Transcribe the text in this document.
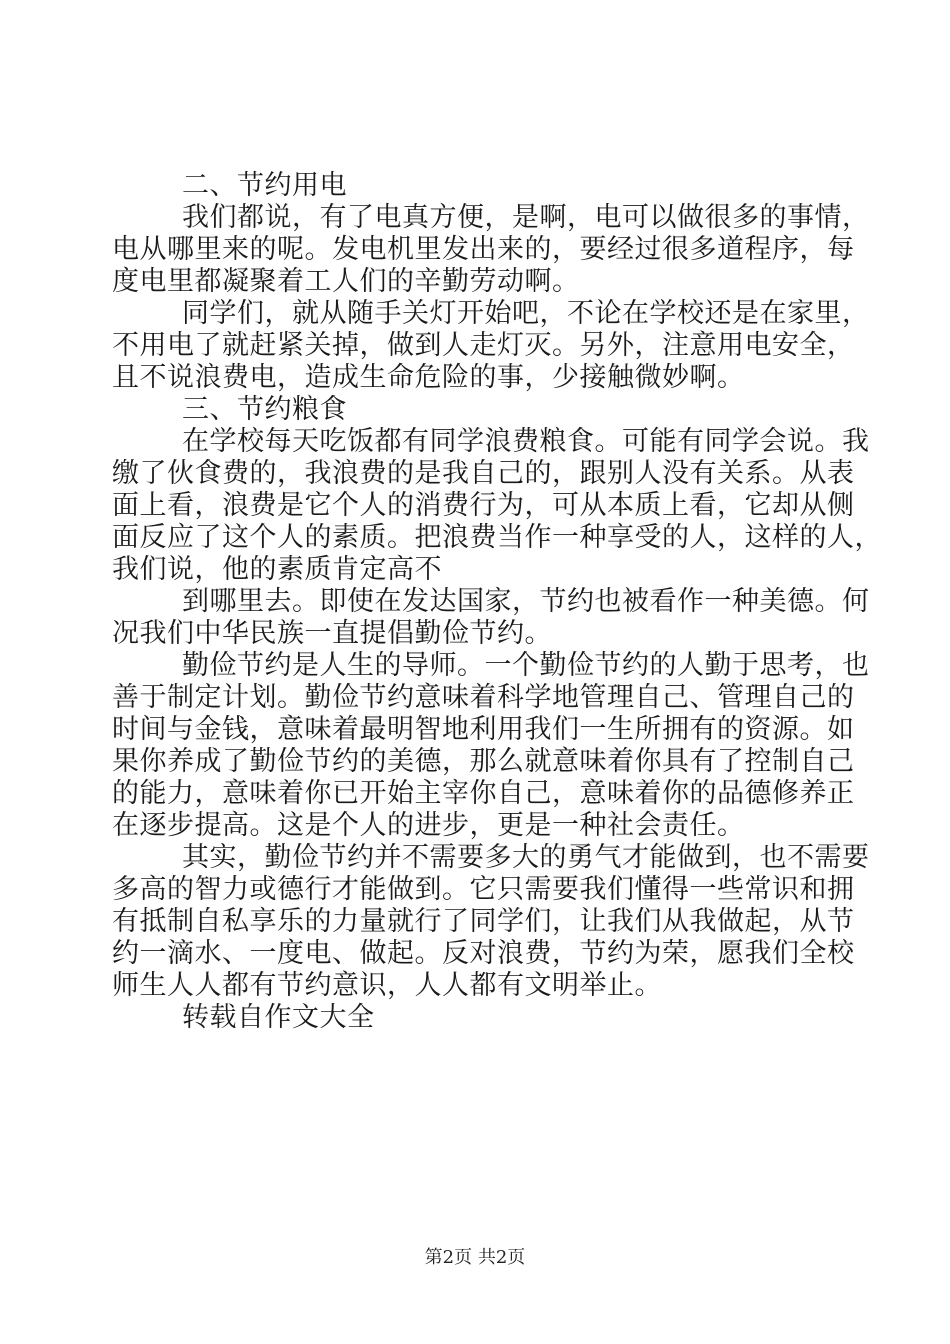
二、节约用电
我们都说，有了电真方便，是啊，电可以做很多的事情，
电从哪里来的呢。发电机里发出来的，要经过很多道程序，每
度电里都凝聚着工人们的辛勤劳动啊。
同学们，就从随手关灯开始吧，不论在学校还是在家里，
不用电了就赶紧关掉，做到人走灯灭。另外，注意用电安全，
且不说浪费电，造成生命危险的事，少接触微妙啊。
三、节约粮食
在学校每天吃饭都有同学浪费粮食。可能有同学会说。我
缴了伙食费的，我浪费的是我自己的，跟别人没有关系。从表
面上看，浪费是它个人的消费行为，可从本质上看，它却从侧
面反应了这个人的素质。把浪费当作一种享受的人，这样的人，
我们说，他的素质肯定高不
到哪里去。即使在发达国家，节约也被看作一种美德。何
况我们中华民族一直提倡勤俭节约。
勤俭节约是人生的导师。一个勤俭节约的人勤于思考，也
善于制定计划。勤俭节约意味着科学地管理自己、管理自己的
时间与金钱，意味着最明智地利用我们一生所拥有的资源。如
果你养成了勤俭节约的美德，那么就意味着你具有了控制自己
的能力，意味着你已开始主宰你自己，意味着你的品德修养正
在逐步提高。这是个人的进步，更是一种社会责任。
其实，勤俭节约并不需要多大的勇气才能做到，也不需要
多高的智力或德行才能做到。它只需要我们懂得一些常识和拥
有抵制自私享乐的力量就行了同学们，让我们从我做起，从节
约一滴水、一度电、做起。反对浪费，节约为荣，愿我们全校
师生人人都有节约意识，人人都有文明举止。
转载自作文大全
第2页 共2页
